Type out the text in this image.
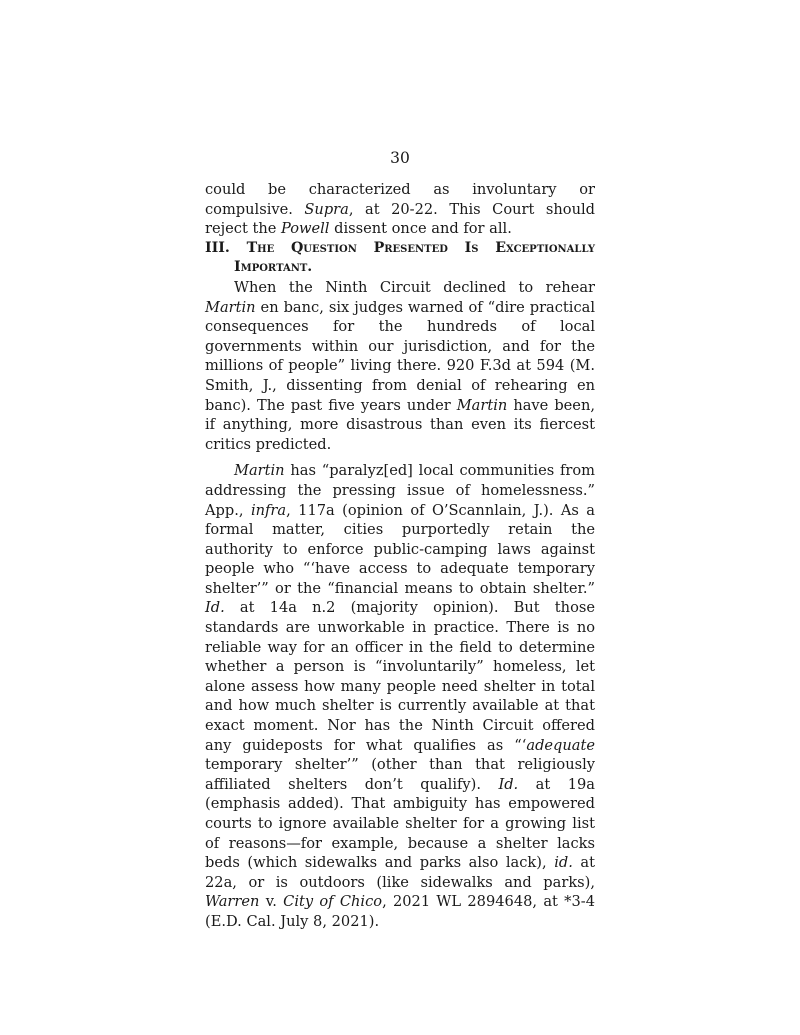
30

could be characterized as involuntary or compulsive. Supra, at 20-22. This Court should reject the Powell dissent once and for all.

III. The Question Presented Is Exceptionally Important.

When the Ninth Circuit declined to rehear Martin en banc, six judges warned of “dire practical consequences for the hundreds of local governments within our jurisdiction, and for the millions of people” living there. 920 F.3d at 594 (M. Smith, J., dissenting from denial of rehearing en banc). The past five years under Martin have been, if anything, more disastrous than even its fiercest critics predicted.

Martin has “paralyz[ed] local communities from addressing the pressing issue of homelessness.” App., infra, 117a (opinion of O’Scannlain, J.). As a formal matter, cities purportedly retain the authority to enforce public-camping laws against people who “‘have access to adequate temporary shelter’” or the “financial means to obtain shelter.” Id. at 14a n.2 (majority opinion). But those standards are unworkable in practice. There is no reliable way for an officer in the field to determine whether a person is “involuntarily” homeless, let alone assess how many people need shelter in total and how much shelter is currently available at that exact moment. Nor has the Ninth Circuit offered any guideposts for what qualifies as “‘adequate temporary shelter’” (other than that religiously affiliated shelters don’t qualify). Id. at 19a (emphasis added). That ambiguity has empowered courts to ignore available shelter for a growing list of reasons—for example, because a shelter lacks beds (which sidewalks and parks also lack), id. at 22a, or is outdoors (like sidewalks and parks), Warren v. City of Chico, 2021 WL 2894648, at *3-4 (E.D. Cal. July 8, 2021).
